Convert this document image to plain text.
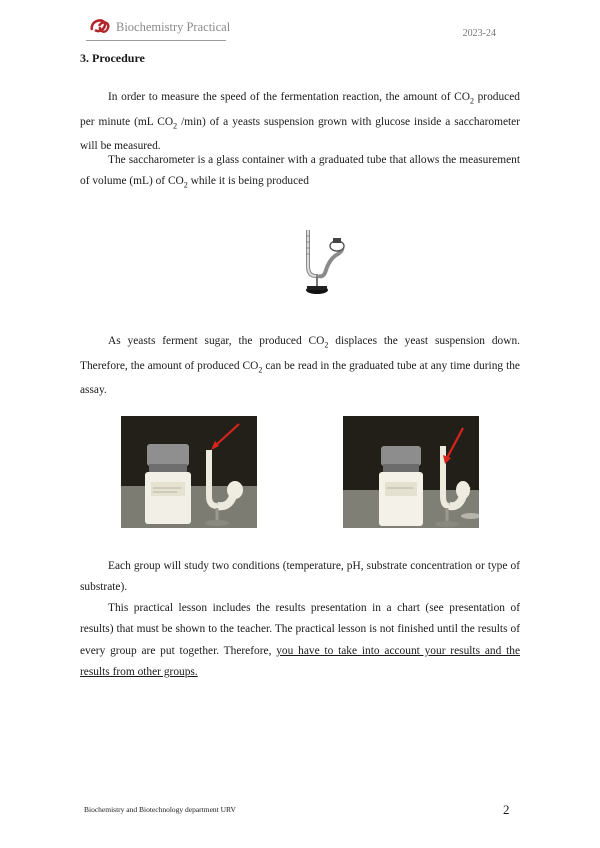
Biochemistry Practical	2023-24
3. Procedure

In order to measure the speed of the fermentation reaction, the amount of $CO_2$ produced per minute (mL $CO_2$ /min) of a yeasts suspension grown with glucose inside a saccharometer will be measured.

The saccharometer is a glass container with a graduated tube that allows the measurement of volume (mL) of $CO_2$ while it is being produced

As yeasts ferment sugar, the produced $CO_2$ displaces the yeast suspension down. Therefore, the amount of produced $CO_2$ can be read in the graduated tube at any time during the assay.

Each group will study two conditions (temperature, pH, substrate concentration or type of substrate).

This practical lesson includes the results presentation in a chart (see presentation of results) that must be shown to the teacher. The practical lesson is not finished until the results of every group are put together. Therefore, you have to take into account your results and the results from other groups.

Biochemistry and Biotechnology department URV	2
